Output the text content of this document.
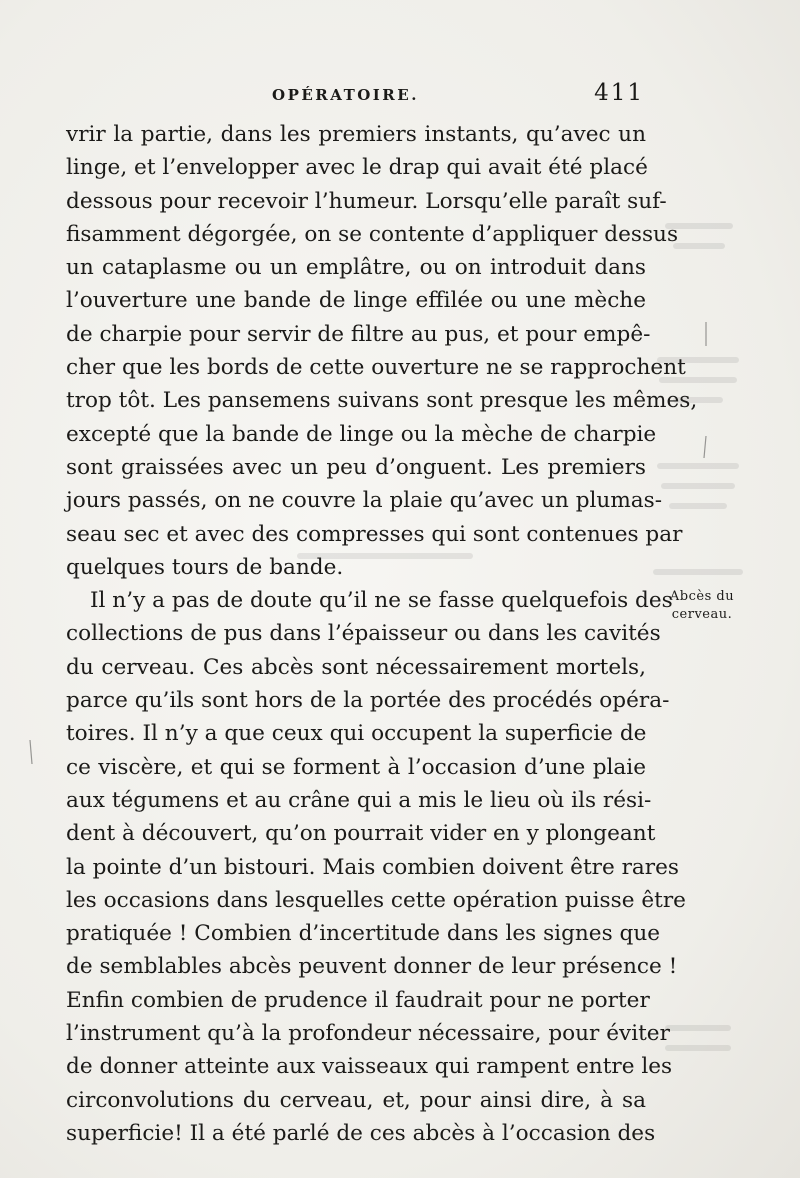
OPÉRATOIRE.	411
vrir la partie, dans les premiers instants, qu’avec un
linge, et l’envelopper avec le drap qui avait été placé
dessous pour recevoir l’humeur. Lorsqu’elle paraît suf-
fisamment dégorgée, on se contente d’appliquer dessus
un cataplasme ou un emplâtre, ou on introduit dans
l’ouverture une bande de linge effilée ou une mèche
de charpie pour servir de filtre au pus, et pour empê-
cher que les bords de cette ouverture ne se rapprochent
trop tôt. Les pansemens suivans sont presque les mêmes,
excepté que la bande de linge ou la mèche de charpie
sont graissées avec un peu d’onguent. Les premiers
jours passés, on ne couvre la plaie qu’avec un plumas-
seau sec et avec des compresses qui sont contenues par
quelques tours de bande.
Il n’y a pas de doute qu’il ne se fasse quelquefois des
collections de pus dans l’épaisseur ou dans les cavités
du cerveau. Ces abcès sont nécessairement mortels,
parce qu’ils sont hors de la portée des procédés opéra-
toires. Il n’y a que ceux qui occupent la superficie de
ce viscère, et qui se forment à l’occasion d’une plaie
aux tégumens et au crâne qui a mis le lieu où ils rési-
dent à découvert, qu’on pourrait vider en y plongeant
la pointe d’un bistouri. Mais combien doivent être rares
les occasions dans lesquelles cette opération puisse être
pratiquée ! Combien d’incertitude dans les signes que
de semblables abcès peuvent donner de leur présence !
Enfin combien de prudence il faudrait pour ne porter
l’instrument qu’à la profondeur nécessaire, pour éviter
de donner atteinte aux vaisseaux qui rampent entre les
circonvolutions du cerveau, et, pour ainsi dire, à sa
superficie! Il a été parlé de ces abcès à l’occasion des
Abcès du
cerveau.
